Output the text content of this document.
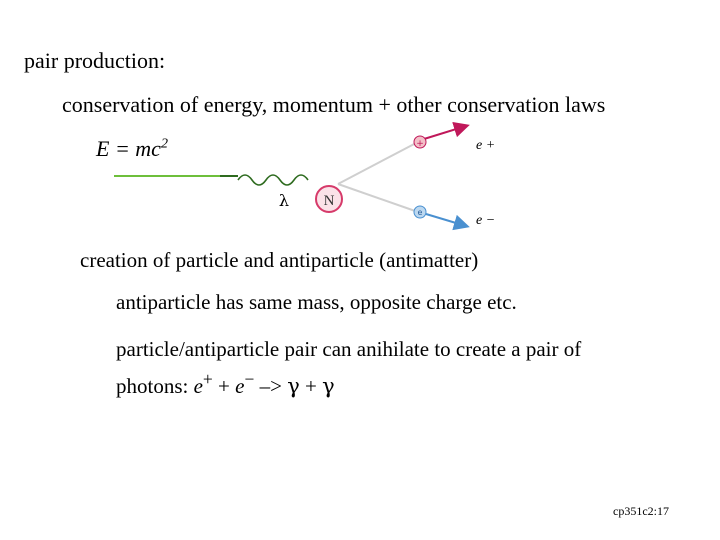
pair production:
conservation of energy, momentum + other conservation laws
$E = mc^2$	+
e
N
λ
e +
e −
creation of particle and antiparticle (antimatter)
antiparticle has same mass, opposite charge etc.
particle/antiparticle pair can anihilate to create a pair of
photons: e+ + e− –> γ + γ
cp351c2:17
